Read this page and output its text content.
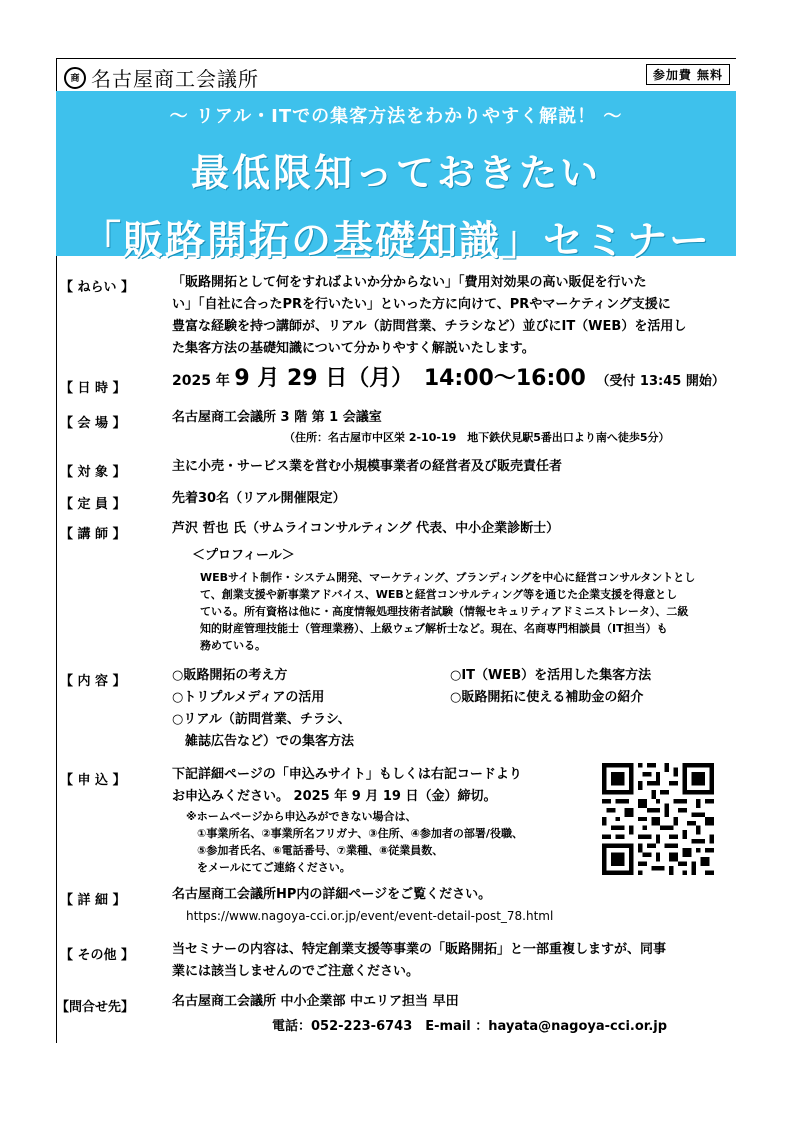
商 名古屋商工会議所	参加費 無料
～ リアル・ITでの集客方法をわかりやすく解説！ ～
最低限知っておきたい
「販路開拓の基礎知識」セミナー
【 ねらい 】	「販路開拓として何をすればよいか分からない」「費用対効果の高い販促を行いた
い」「自社に合ったPRを行いたい」といった方に向けて、PRやマーケティング支援に
豊富な経験を持つ講師が、リアル（訪問営業、チラシなど）並びにIT（WEB）を活用し
た集客方法の基礎知識について分かりやすく解説いたします。
【 日 時 】	2025 年 9 月 29 日（月） 14:00～16:00 （受付 13:45 開始）
【 会 場 】	名古屋商工会議所 3 階 第 1 会議室
（住所：名古屋市中区栄 2-10-19　地下鉄伏見駅5番出口より南へ徒歩5分）
【 対 象 】	主に小売・サービス業を営む小規模事業者の経営者及び販売責任者
【 定 員 】	先着30名（リアル開催限定）
【 講 師 】	芦沢 哲也 氏（サムライコンサルティング 代表、中小企業診断士）
＜プロフィール＞
WEBサイト制作・システム開発、マーケティング、ブランディングを中心に経営コンサルタントとし
て、創業支援や新事業アドバイス、WEBと経営コンサルティング等を通じた企業支援を得意とし
ている。所有資格は他に・高度情報処理技術者試験（情報セキュリティアドミニストレータ）、二級
知的財産管理技能士（管理業務）、上級ウェブ解析士など。現在、名商専門相談員（IT担当）も
務めている。
【 内 容 】	○販路開拓の考え方
○トリプルメディアの活用
○リアル（訪問営業、チラシ、
　雑誌広告など）での集客方法
○IT（WEB）を活用した集客方法
○販路開拓に使える補助金の紹介
【 申 込 】	下記詳細ページの「申込みサイト」もしくは右記コードより
お申込みください。 2025 年 9 月 19 日（金）締切。
※ホームページから申込みができない場合は、
　①事業所名、②事業所名フリガナ、③住所、④参加者の部署/役職、
　⑤参加者氏名、⑥電話番号、⑦業種、⑧従業員数、
　をメールにてご連絡ください。
【 詳 細 】	名古屋商工会議所HP内の詳細ページをご覧ください。
https://www.nagoya-cci.or.jp/event/event-detail-post_78.html
【 その他 】	当セミナーの内容は、特定創業支援等事業の「販路開拓」と一部重複しますが、同事
業には該当しませんのでご注意ください。
【問合せ先】	名古屋商工会議所 中小企業部 中エリア担当 早田
電話：052-223-6743　E-mail ：hayata@nagoya-cci.or.jp
